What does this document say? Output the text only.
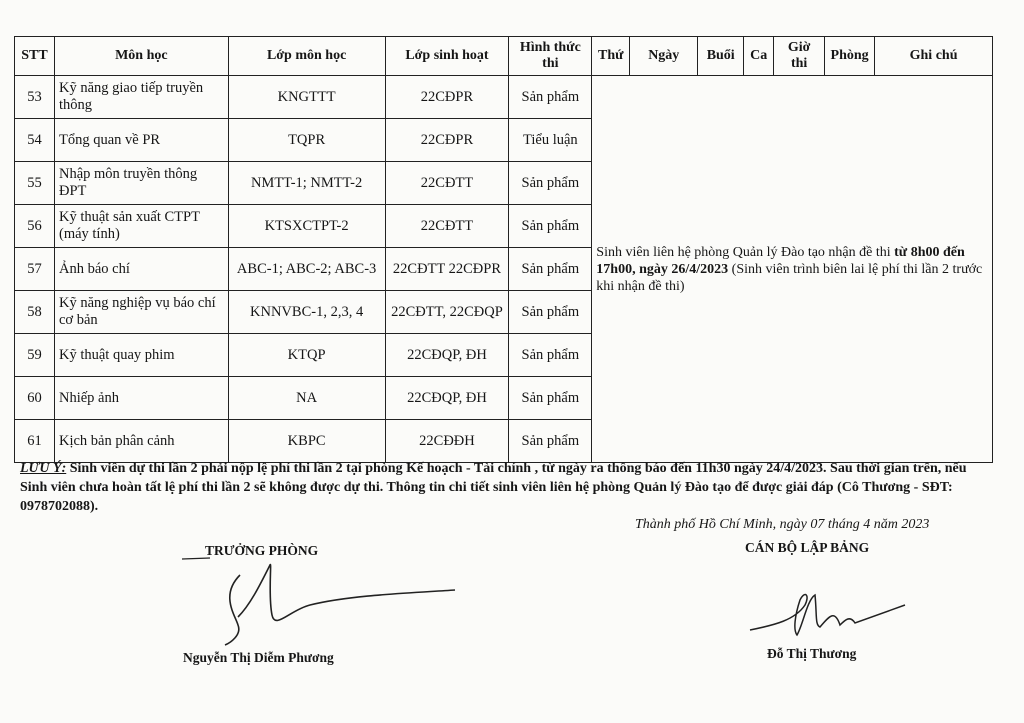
STT	Môn học	Lớp môn học	Lớp sinh hoạt	Hình thức thi	Thứ	Ngày	Buổi	Ca	Giờ thi	Phòng	Ghi chú
53	Kỹ năng giao tiếp truyền thông	KNGTTT	22CĐPR	Sản phẩm	Sinh viên liên hệ phòng Quản lý Đào tạo nhận đề thi từ 8h00 đến 17h00, ngày 26/4/2023 (Sinh viên trình biên lai lệ phí thi lần 2 trước khi nhận đề thi)						
54	Tổng quan về PR	TQPR	22CĐPR	Tiểu luận							
55	Nhập môn truyền thông ĐPT	NMTT-1; NMTT-2	22CĐTT	Sản phẩm							
56	Kỹ thuật sản xuất CTPT (máy tính)	KTSXCTPT-2	22CĐTT	Sản phẩm							
57	Ảnh báo chí	ABC-1; ABC-2; ABC-3	22CĐTT 22CĐPR	Sản phẩm							
58	Kỹ năng nghiệp vụ báo chí cơ bản	KNNVBC-1, 2,3, 4	22CĐTT, 22CĐQP	Sản phẩm							
59	Kỹ thuật quay phim	KTQP	22CĐQP, ĐH	Sản phẩm							
60	Nhiếp ảnh	NA	22CĐQP, ĐH	Sản phẩm							
61	Kịch bản phân cảnh	KBPC	22CĐĐH	Sản phẩm							
LƯU Ý: Sinh viên dự thi lần 2 phải nộp lệ phí thi lần 2 tại phòng Kế hoạch - Tài chính , từ ngày ra thông báo đến 11h30 ngày 24/4/2023. Sau thời gian trên, nếu Sinh viên chưa hoàn tất lệ phí thi lần 2 sẽ không được dự thi. Thông tin chi tiết sinh viên liên hệ phòng Quản lý Đào tạo để được giải đáp (Cô Thương - SĐT: 0978702088).
Thành phố Hồ Chí Minh, ngày 07 tháng 4 năm 2023
TRƯỞNG PHÒNG	CÁN BỘ LẬP BẢNG
Nguyễn Thị Diễm Phương	Đỗ Thị Thương
